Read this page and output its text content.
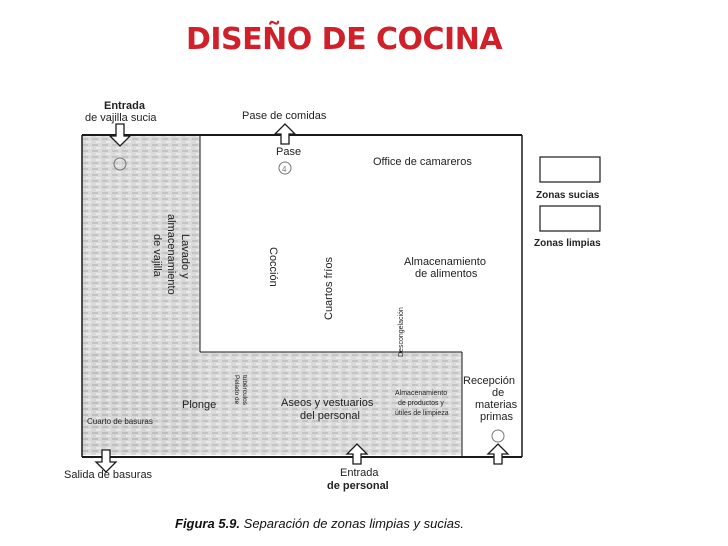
DISEÑO DE COCINA
Entrada
de vajilla sucia	Pase de comidas
Pase
4
Office de camareros
Lavado y
almacenamiento
de vajilla	Cocción	Cuartos fríos	Almacenamiento
de alimentos
Descongelación
Plonge
Pelado de tubérculos	Aseos y vestuarios
del personal
Almacenamiento
de productos y
útiles de limpieza
Recepción
de
materias
primas
Cuarto de basuras
Salida de basuras	Entrada
de personal
Zonas sucias
Zonas limpias
Figura 5.9. Separación de zonas limpias y sucias.
